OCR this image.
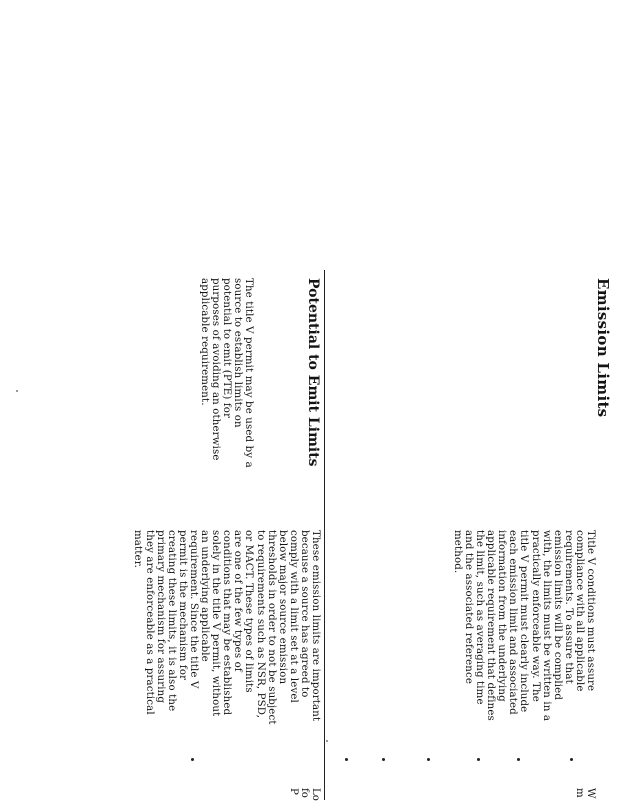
Emission Limits
Title V conditions must assure
compliance with all applicable
requirements. To assure that
emission limits will be complied
with, the limits must be written in a
practically enforceable way. The
title V permit must clearly include
each emission limit and associated
information from the underlying
applicable requirement that defines
the limit, such as averaging time
and the associated reference
method.
W
m
Potential to Emit Limits
The title V permit may be used by a
source to establish limits on
potential to emit (PTE) for
purposes of avoiding an otherwise
applicable requirement.
These emission limits are important
because a source has agreed to
comply with a limit set at a level
below major source emission
thresholds in order to not be subject
to requirements such as NSR, PSD,
or MACT. These types of limits
are one of the few types of
conditions that may be established
solely in the title V permit, without
an underlying applicable
requirement. Since the title V
permit is the mechanism for
creating these limits, it is also the
primary mechanism for assuring
they are enforceable as a practical
matter.
Lo
fo
P
